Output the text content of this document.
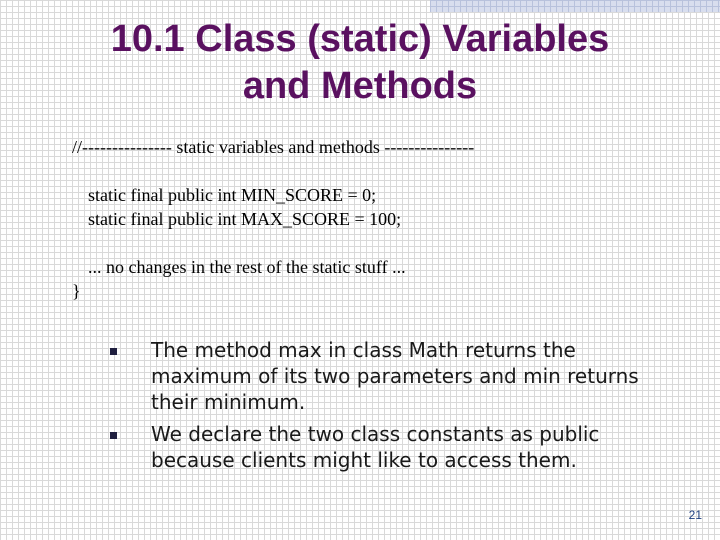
10.1 Class (static) Variables
and Methods
//--------------- static variables and methods ---------------
static final public int MIN_SCORE = 0;
static final public int MAX_SCORE = 100;
... no changes in the rest of the static stuff ...
}
The method max in class Math returns the maximum of its two parameters and min returns their minimum.
We declare the two class constants as public because clients might like to access them.
21
